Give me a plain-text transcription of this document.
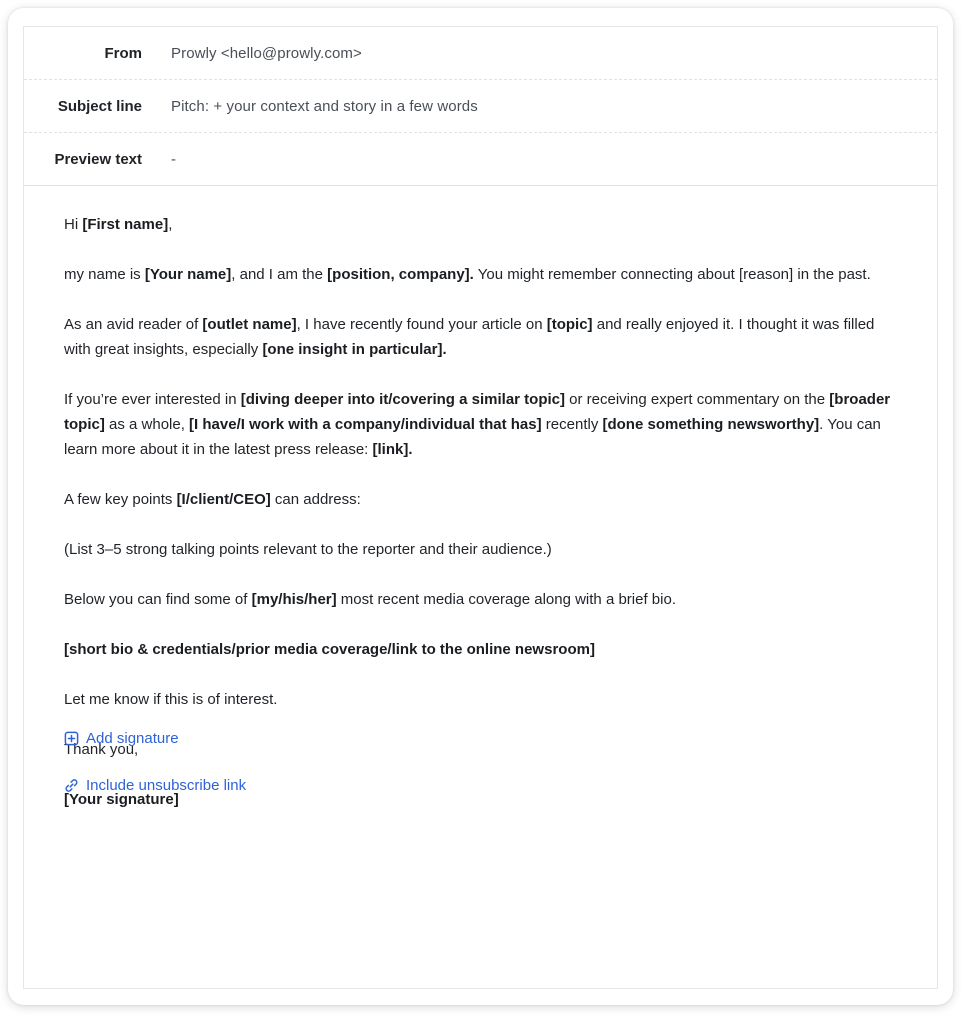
From Prowly <hello@prowly.com>
Subject line Pitch: + your context and story in a few words
Preview text -

Hi [First name],

my name is [Your name], and I am the [position, company]. You might remember connecting about [reason] in the past.

As an avid reader of [outlet name], I have recently found your article on [topic] and really enjoyed it. I thought it was filled with great insights, especially [one insight in particular].

If you’re ever interested in [diving deeper into it/covering a similar topic] or receiving expert commentary on the [broader topic] as a whole, [I have/I work with a company/individual that has] recently [done something newsworthy]. You can learn more about it in the latest press release: [link].

A few key points [I/client/CEO] can address:

(List 3–5 strong talking points relevant to the reporter and their audience.)

Below you can find some of [my/his/her] most recent media coverage along with a brief bio.

[short bio & credentials/prior media coverage/link to the online newsroom]

Let me know if this is of interest.

Thank you,

[Your signature]

Add signature
Include unsubscribe link
